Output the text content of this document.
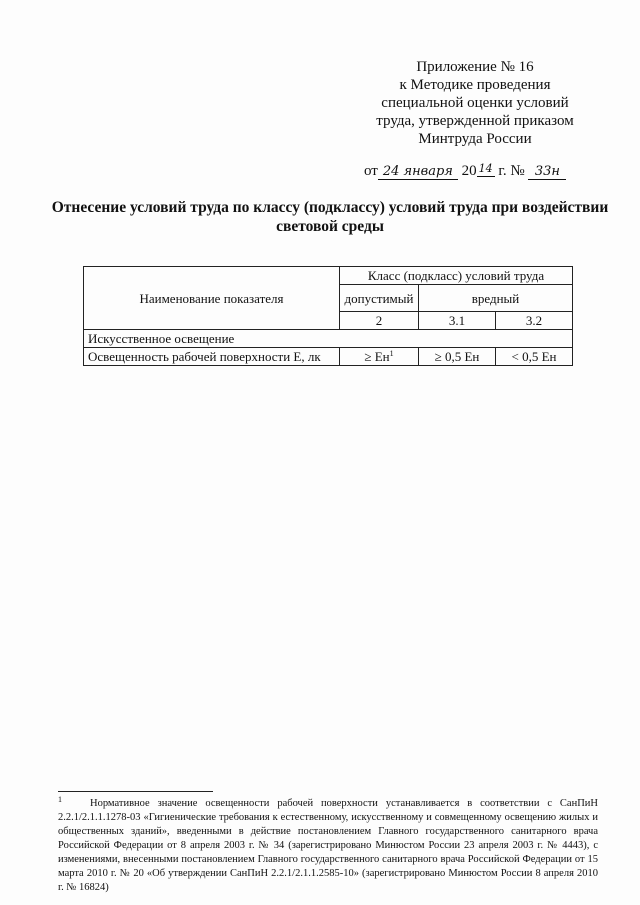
Приложение № 16
к Методике проведения
специальной оценки условий
труда, утвержденной приказом
Минтруда России
от 24 января 20 14 г. № 33н
Отнесение условий труда по классу (подклассу) условий труда при воздействии световой среды
Наименование показателя	Класс (подкласс) условий труда		
	допустимый	вредный	
	2	3.1	3.2
Искусственное освещение			
Освещенность рабочей поверхности Е, лк	≥ $Ен^1$	≥ 0,5 Ен	< 0,5 Ен
$^1$	Нормативное значение освещенности рабочей поверхности устанавливается в соответствии с СанПиН 2.2.1/2.1.1.1278-03 «Гигиенические требования к естественному, искусственному и совмещенному освещению жилых и общественных зданий», введенными в действие постановлением Главного государственного санитарного врача Российской Федерации от 8 апреля 2003 г. № 34 (зарегистрировано Минюстом России 23 апреля 2003 г. № 4443), с изменениями, внесенными постановлением Главного государственного санитарного врача Российской Федерации от 15 марта 2010 г. № 20 «Об утверждении СанПиН 2.2.1/2.1.1.2585-10» (зарегистрировано Минюстом России 8 апреля 2010 г. № 16824)
